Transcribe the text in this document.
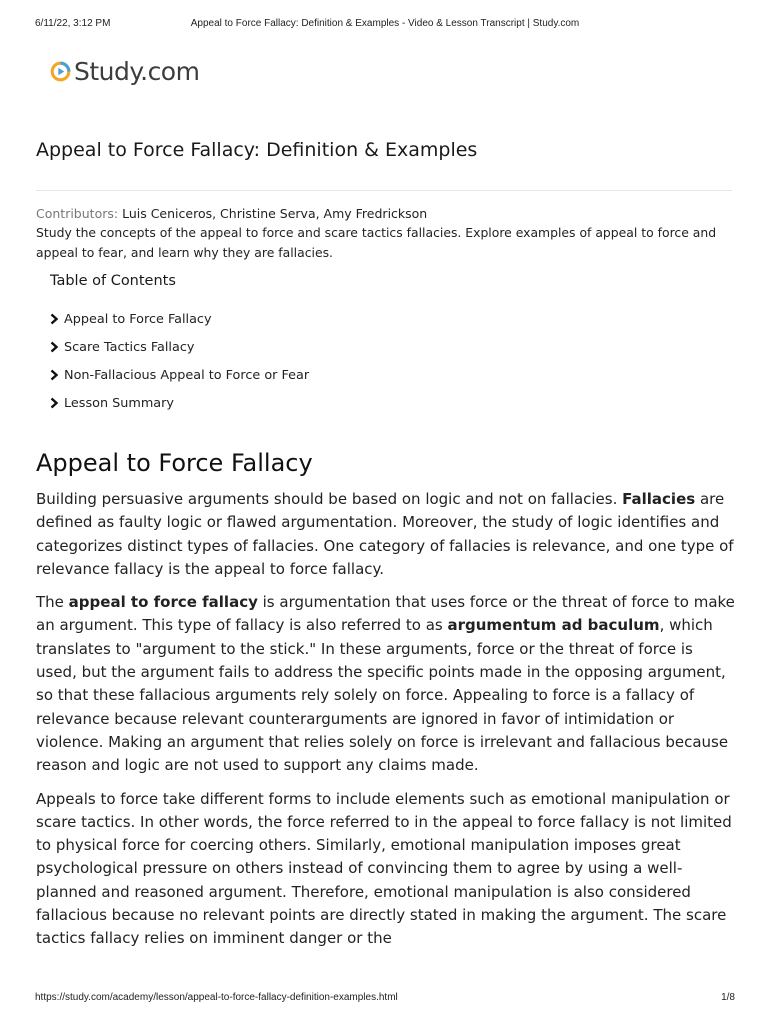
6/11/22, 3:12 PM	Appeal to Force Fallacy: Definition & Examples - Video & Lesson Transcript | Study.com
Study.com
Appeal to Force Fallacy: Definition & Examples
Contributors: Luis Ceniceros, Christine Serva, Amy Fredrickson

Study the concepts of the appeal to force and scare tactics fallacies. Explore examples of appeal to force and appeal to fear, and learn why they are fallacies.

Table of Contents
Appeal to Force Fallacy
Scare Tactics Fallacy
Non-Fallacious Appeal to Force or Fear
Lesson Summary
Appeal to Force Fallacy

Building persuasive arguments should be based on logic and not on fallacies. Fallacies are defined as faulty logic or flawed argumentation. Moreover, the study of logic identifies and categorizes distinct types of fallacies. One category of fallacies is relevance, and one type of relevance fallacy is the appeal to force fallacy.

The appeal to force fallacy is argumentation that uses force or the threat of force to make an argument. This type of fallacy is also referred to as argumentum ad baculum, which translates to "argument to the stick." In these arguments, force or the threat of force is used, but the argument fails to address the specific points made in the opposing argument, so that these fallacious arguments rely solely on force. Appealing to force is a fallacy of relevance because relevant counterarguments are ignored in favor of intimidation or violence. Making an argument that relies solely on force is irrelevant and fallacious because reason and logic are not used to support any claims made.

Appeals to force take different forms to include elements such as emotional manipulation or scare tactics. In other words, the force referred to in the appeal to force fallacy is not limited to physical force for coercing others. Similarly, emotional manipulation imposes great psychological pressure on others instead of convincing them to agree by using a well-planned and reasoned argument. Therefore, emotional manipulation is also considered fallacious because no relevant points are directly stated in making the argument. The scare tactics fallacy relies on imminent danger or the

https://study.com/academy/lesson/appeal-to-force-fallacy-definition-examples.html	1/8
